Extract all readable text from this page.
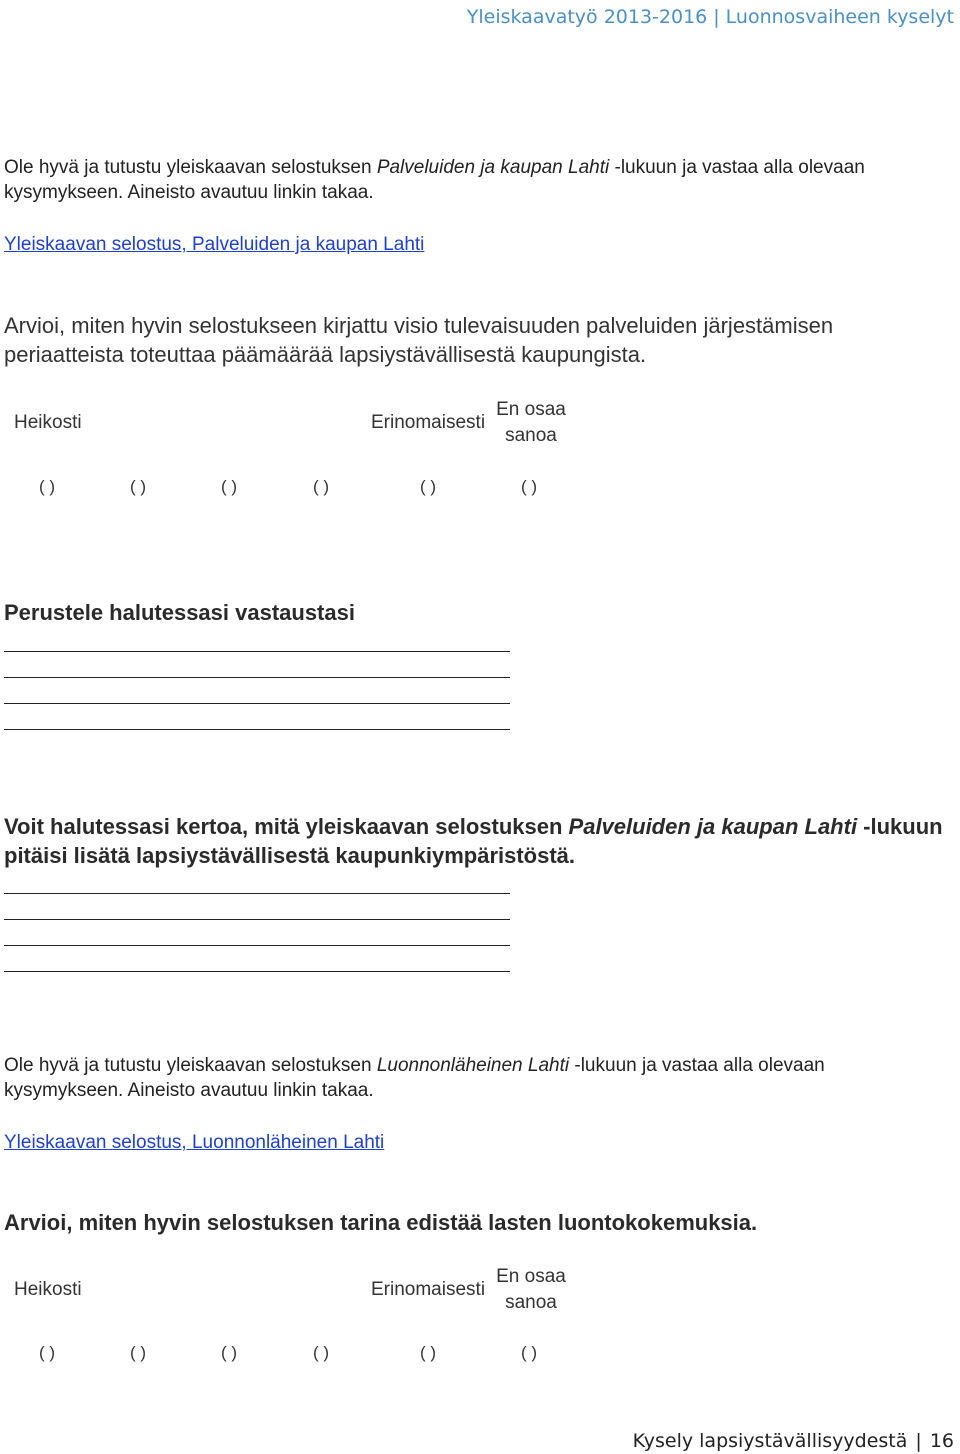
Yleiskaavatyö 2013-2016 | Luonnosvaiheen kyselyt
Ole hyvä ja tutustu yleiskaavan selostuksen Palveluiden ja kaupan Lahti -lukuun ja vastaa alla olevaan kysymykseen. Aineisto avautuu linkin takaa.
Yleiskaavan selostus, Palveluiden ja kaupan Lahti
Arvioi, miten hyvin selostukseen kirjattu visio tulevaisuuden palveluiden järjestämisen periaatteista toteuttaa päämäärää lapsiystävällisestä kaupungista.
Heikosti	Erinomaisesti
En osaa
sanoa
( )	( )	( )	( )	( )	( )
Perustele halutessasi vastaustasi
Voit halutessasi kertoa, mitä yleiskaavan selostuksen Palveluiden ja kaupan Lahti -lukuun pitäisi lisätä lapsiystävällisestä kaupunkiympäristöstä.
Ole hyvä ja tutustu yleiskaavan selostuksen Luonnonläheinen Lahti -lukuun ja vastaa alla olevaan kysymykseen. Aineisto avautuu linkin takaa.
Yleiskaavan selostus, Luonnonläheinen Lahti
Arvioi, miten hyvin selostuksen tarina edistää lasten luontokokemuksia.
Heikosti	Erinomaisesti
En osaa
sanoa
( )	( )	( )	( )	( )	( )
Kysely lapsiystävällisyydestä | 16
